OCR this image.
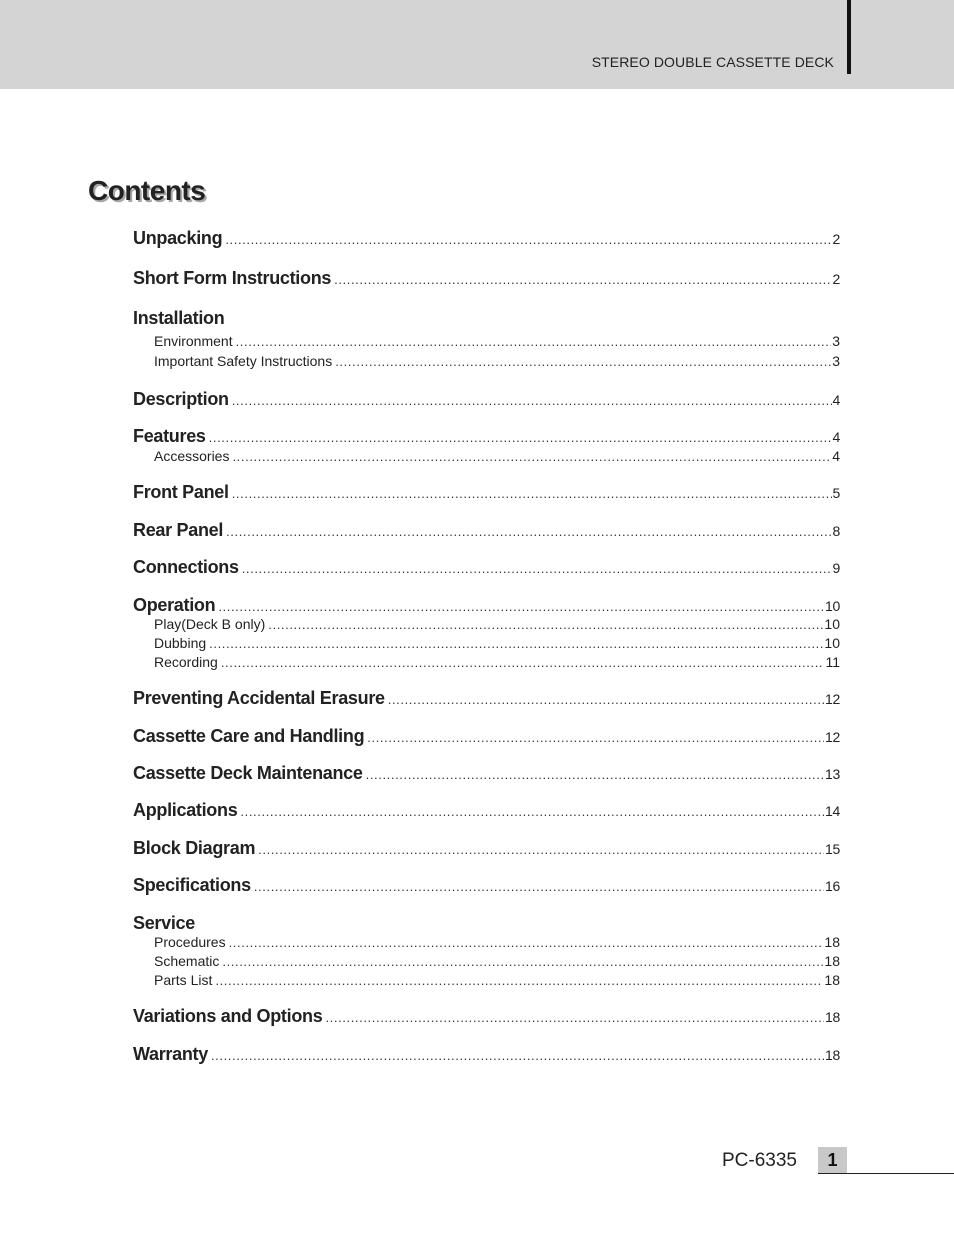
STEREO DOUBLE CASSETTE DECK
Contents
Unpacking .....	2
Short Form Instructions .....	2
Installation
Environment .....	3
Important Safety Instructions .....	3
Description .....	4
Features .....	4
Accessories .....	4
Front Panel .....	5
Rear Panel .....	8
Connections .....	9
Operation .....	10
Play(Deck B only) .....	10
Dubbing .....	10
Recording .....	11
Preventing Accidental Erasure .....	12
Cassette Care and Handling .....	12
Cassette Deck Maintenance .....	13
Applications .....	14
Block Diagram .....	15
Specifications .....	16
Service
Procedures .....	18
Schematic .....	18
Parts List .....	18
Variations and Options .....	18
Warranty .....	18
PC-6335	1
